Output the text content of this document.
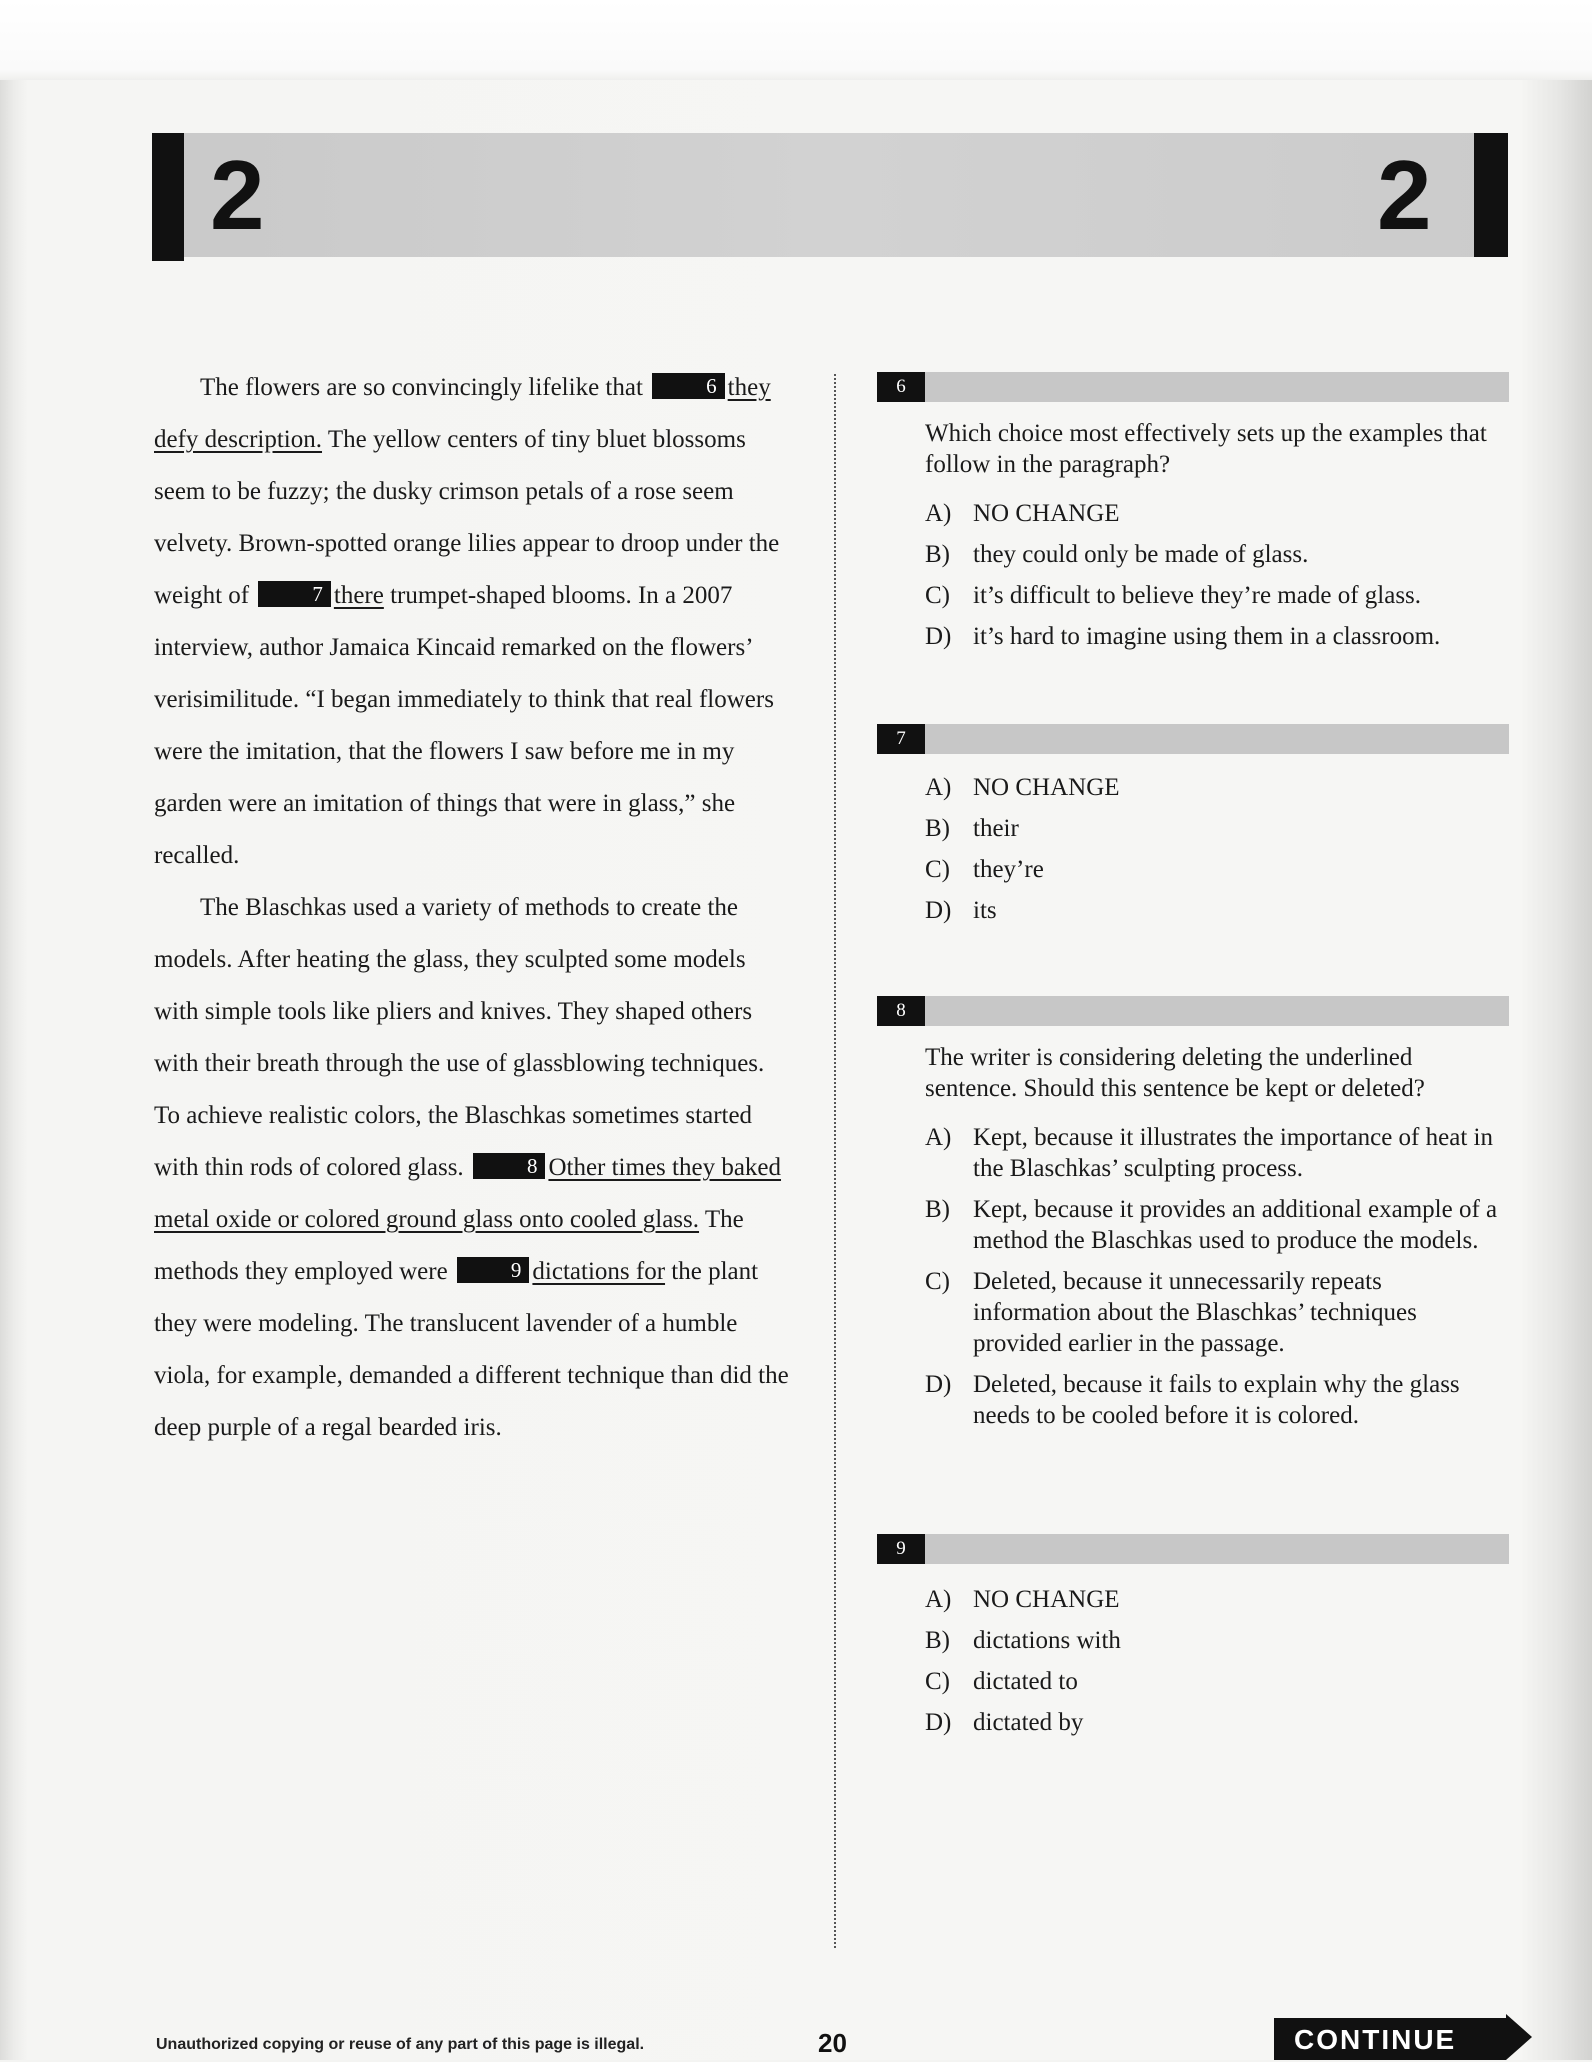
2	2

The flowers are so convincingly lifelike that	6 they defy description. The yellow centers of tiny bluet blossoms seem to be fuzzy; the dusky crimson petals of a rose seem velvety. Brown-spotted orange lilies appear to droop under the weight of	7 there trumpet-shaped blooms. In a 2007 interview, author Jamaica Kincaid remarked on the flowers’ verisimilitude. “I began immediately to think that real flowers were the imitation, that the flowers I saw before me in my garden were an imitation of things that were in glass,” she recalled.

The Blaschkas used a variety of methods to create the models. After heating the glass, they sculpted some models with simple tools like pliers and knives. They shaped others with their breath through the use of glassblowing techniques. To achieve realistic colors, the Blaschkas sometimes started with thin rods of colored glass.	8 Other times they baked metal oxide or colored ground glass onto cooled glass. The methods they employed were	9 dictations for the plant they were modeling. The translucent lavender of a humble viola, for example, demanded a different technique than did the deep purple of a regal bearded iris.

6
Which choice most effectively sets up the examples that follow in the paragraph?
A) NO CHANGE
B) they could only be made of glass.
C) it’s difficult to believe they’re made of glass.
D) it’s hard to imagine using them in a classroom.
7
A) NO CHANGE
B) their
C) they’re
D) its
8
The writer is considering deleting the underlined sentence. Should this sentence be kept or deleted?
A) Kept, because it illustrates the importance of heat in the Blaschkas’ sculpting process.
B) Kept, because it provides an additional example of a method the Blaschkas used to produce the models.
C) Deleted, because it unnecessarily repeats information about the Blaschkas’ techniques provided earlier in the passage.
D) Deleted, because it fails to explain why the glass needs to be cooled before it is colored.
9
A) NO CHANGE
B) dictations with
C) dictated to
D) dictated by
Unauthorized copying or reuse of any part of this page is illegal.	20	CONTINUE
